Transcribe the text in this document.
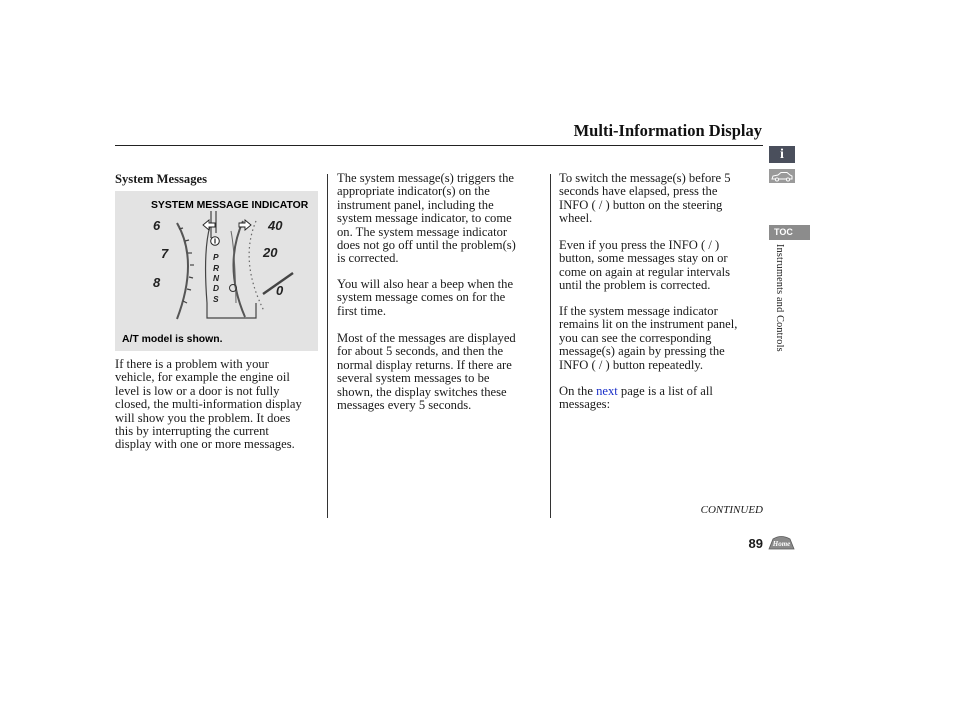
Multi-Information Display
System Messages
6
7
8
40
20
0
P
R
N
D
S
SYSTEM MESSAGE INDICATOR
A/T model is shown.
If there is a problem with your
vehicle, for example the engine oil
level is low or a door is not fully
closed, the multi-information display
will show you the problem. It does
this by interrupting the current
display with one or more messages.
The system message(s) triggers the
appropriate indicator(s) on the
instrument panel, including the
system message indicator, to come
on. The system message indicator
does not go off until the problem(s)
is corrected.
You will also hear a beep when the
system message comes on for the
first time.
Most of the messages are displayed
for about 5 seconds, and then the
normal display returns. If there are
several system messages to be
shown, the display switches these
messages every 5 seconds.
To switch the message(s) before 5
seconds have elapsed, press the
INFO ( / ) button on the steering
wheel.
Even if you press the INFO ( / )
button, some messages stay on or
come on again at regular intervals
until the problem is corrected.
If the system message indicator
remains lit on the instrument panel,
you can see the corresponding
message(s) again by pressing the
INFO ( / ) button repeatedly.
On the next page is a list of all
messages:
CONTINUED
89 Home
i
TOC
Instruments and Controls
